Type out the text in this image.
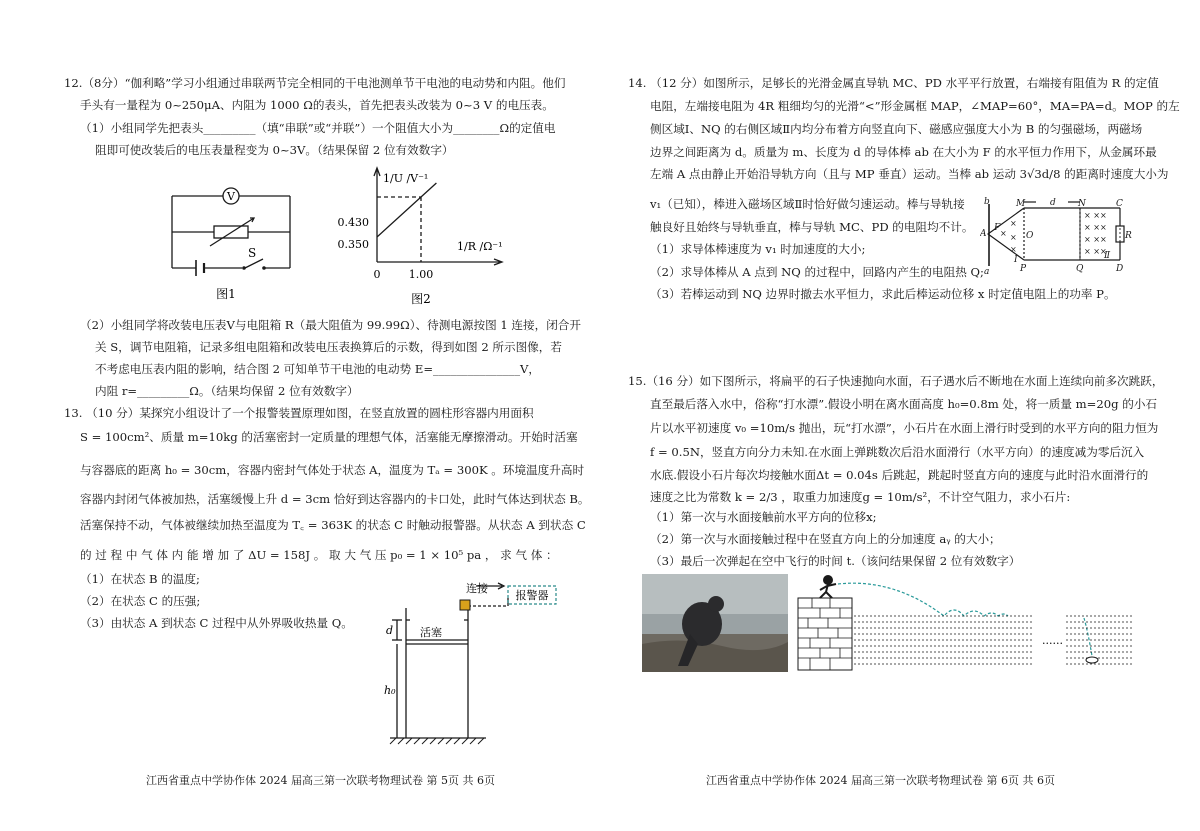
12.（8分）“伽利略”学习小组通过串联两节完全相同的干电池测单节干电池的电动势和内阻。他们
手头有一量程为 0~250μA、内阻为 1000 Ω的表头，首先把表头改装为 0~3 V 的电压表。
（1）小组同学先把表头_________（填“串联”或“并联”）一个阻值大小为________Ω的定值电
阻即可使改装后的电压表量程变为 0~3V。（结果保留 2 位有效数字）
V
S
图1
0.430
0.350
0	1.00
1/U /V⁻¹
1/R /Ω⁻¹
图2
（2）小组同学将改装电压表V与电阻箱 R（最大阻值为 99.99Ω）、待测电源按图 1 连接，闭合开
关 S，调节电阻箱，记录多组电阻箱和改装电压表换算后的示数，得到如图 2 所示图像，若
不考虑电压表内阻的影响，结合图 2 可知单节干电池的电动势 E=_______________V，
内阻 r=_________Ω。（结果均保留 2 位有效数字）
13. （10 分）某探究小组设计了一个报警装置原理如图，在竖直放置的圆柱形容器内用面积
S = 100cm²、质量 m=10kg 的活塞密封一定质量的理想气体，活塞能无摩擦滑动。开始时活塞
与容器底的距离 h₀ = 30cm，容器内密封气体处于状态 A，温度为 Tₐ = 300K 。环境温度升高时
容器内封闭气体被加热，活塞缓慢上升 d = 3cm 恰好到达容器内的卡口处，此时气体达到状态 B。
活塞保持不动，气体被继续加热至温度为 T꜀ = 363K 的状态 C 时触动报警器。从状态 A 到状态 C
的 过 程 中 气 体 内 能 增 加 了 ΔU = 158J 。 取 大 气 压 p₀ = 1 × 10⁵ pa ， 求 气 体 ：
（1）在状态 B 的温度;
（2）在状态 C 的压强;
（3）由状态 A 到状态 C 过程中从外界吸收热量 Q。
报警器
连接
活塞
d
h₀
江西省重点中学协作体 2024 届高三第一次联考物理试卷 第 5页 共 6页
14. （12 分）如图所示，足够长的光滑金属直导轨 MC、PD 水平平行放置，右端接有阻值为 R 的定值
电阻，左端接电阻为 4R 粗细均匀的光滑“<”形金属框 MAP，∠MAP=60°，MA=PA=d。MOP 的左
侧区域Ⅰ、NQ 的右侧区域Ⅱ内均分布着方向竖直向下、磁感应强度大小为 B 的匀强磁场，两磁场
边界之间距离为 d。质量为 m、长度为 d 的导体棒 ab 在大小为 F 的水平恒力作用下，从金属环最
左端 A 点由静止开始沿导轨方向（且与 MP 垂直）运动。当棒 ab 运动 3√3d/8 的距离时速度大小为
v₁（已知），棒进入磁场区域Ⅱ时恰好做匀速运动。棒与导轨接
触良好且始终与导轨垂直，棒与导轨 MC、PD 的电阻均不计。
（1）求导体棒速度为 v₁ 时加速度的大小;
（2）求导体棒从 A 点到 NQ 的过程中，回路内产生的电阻热 Q;
（3）若棒运动到 NQ 边界时撤去水平恒力，求此后棒运动位移 x 时定值电阻上的功率 P。
× ×
× ×
× ×
× ×
×
×
×
×
×
×
×
×
M	N	C
P	Q	D
A	O
a
b
F
R
Ⅰ	Ⅱ
d
15.（16 分）如下图所示，将扁平的石子快速抛向水面，石子遇水后不断地在水面上连续向前多次跳跃，
直至最后落入水中，俗称“打水漂”.假设小明在离水面高度 h₀=0.8m 处，将一质量 m=20g 的小石
片以水平初速度 v₀ =10m/s 抛出，玩“打水漂”，小石片在水面上滑行时受到的水平方向的阻力恒为
f = 0.5N，竖直方向分力未知.在水面上弹跳数次后沿水面滑行（水平方向）的速度减为零后沉入
水底.假设小石片每次均接触水面Δt = 0.04s 后跳起，跳起时竖直方向的速度与此时沿水面滑行的
速度之比为常数 k = 2/3 ，取重力加速度g = 10m/s²，不计空气阻力，求小石片:
（1）第一次与水面接触前水平方向的位移x;
（2）第一次与水面接触过程中在竖直方向上的分加速度 aᵧ 的大小；
（3）最后一次弹起在空中飞行的时间 t.（该问结果保留 2 位有效数字）
......
江西省重点中学协作体 2024 届高三第一次联考物理试卷 第 6页 共 6页
